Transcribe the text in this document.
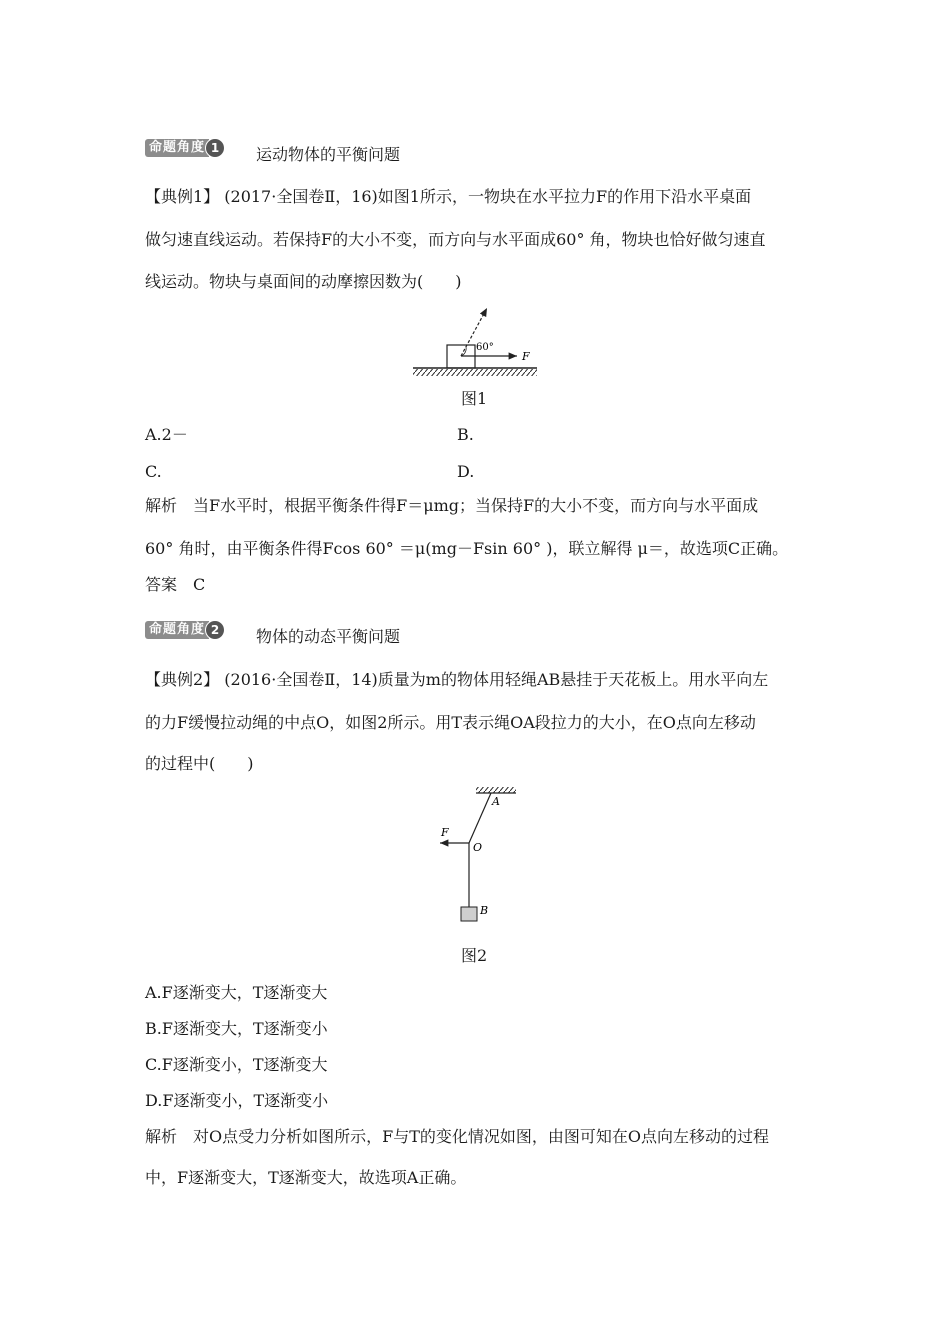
命题角度 1	运动物体的平衡问题
【典例1】 (2017·全国卷Ⅱ，16)如图1所示，一物块在水平拉力F的作用下沿水平桌面
做匀速直线运动。若保持F的大小不变，而方向与水平面成60° 角，物块也恰好做匀速直
线运动。物块与桌面间的动摩擦因数为(　　)
60°
F
图1
A.2－	B.
C.	D.
解析　当F水平时，根据平衡条件得F＝μmg；当保持F的大小不变，而方向与水平面成
60° 角时，由平衡条件得Fcos 60° ＝μ(mg－Fsin 60° )，联立解得 μ＝，故选项C正确。
答案　C
命题角度 2	物体的动态平衡问题
【典例2】 (2016·全国卷Ⅱ，14)质量为m的物体用轻绳AB悬挂于天花板上。用水平向左
的力F缓慢拉动绳的中点O，如图2所示。用T表示绳OA段拉力的大小，在O点向左移动
的过程中(　　)
A
F
O
B
图2
A.F逐渐变大，T逐渐变大
B.F逐渐变大，T逐渐变小
C.F逐渐变小，T逐渐变大
D.F逐渐变小，T逐渐变小
解析　对O点受力分析如图所示，F与T的变化情况如图，由图可知在O点向左移动的过程
中，F逐渐变大，T逐渐变大，故选项A正确。
